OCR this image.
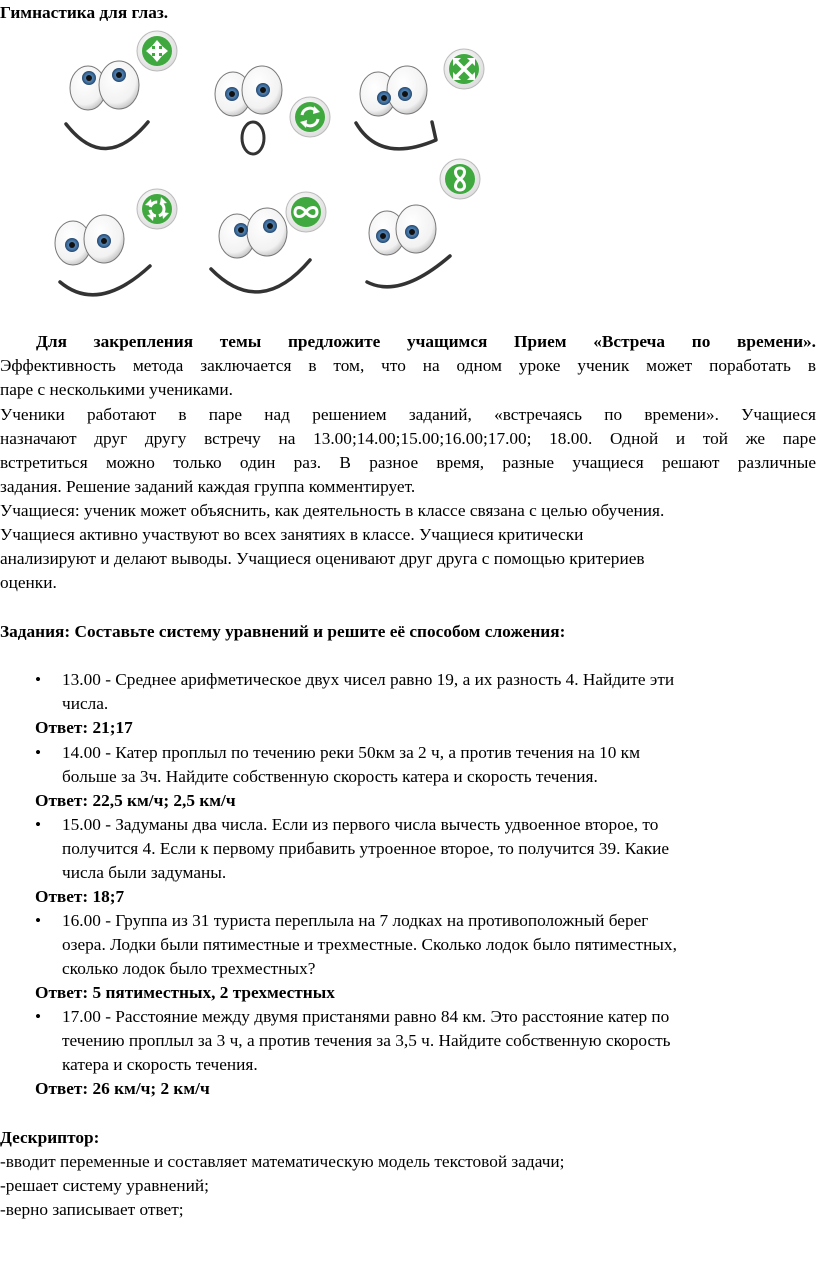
Гимнастика для глаз.
Для закрепления темы предложите учащимся Прием «Встреча по времени».
Эффективность метода заключается в том, что на одном уроке ученик может поработать в
паре с несколькими учениками.
Ученики работают в паре над решением заданий, «встречаясь по времени». Учащиеся
назначают друг другу встречу на 13.00;14.00;15.00;16.00;17.00; 18.00. Одной и той же паре
встретиться можно только один раз. В разное время, разные учащиеся решают различные
задания. Решение заданий каждая группа комментирует.
Учащиеся: ученик может объяснить, как деятельность в классе связана с целью обучения.
Учащиеся активно участвуют во всех занятиях в классе. Учащиеся критически
анализируют и делают выводы. Учащиеся оценивают друг друга с помощью критериев
оценки.
Задания: Составьте систему уравнений и решите её способом сложения:
• 13.00 - Среднее арифметическое двух чисел равно 19, а их разность 4. Найдите эти
числа.
Ответ: 21;17
• 14.00 - Катер проплыл по течению реки 50км за 2 ч, а против течения на 10 км
больше за 3ч. Найдите собственную скорость катера и скорость течения.
Ответ: 22,5 км/ч; 2,5 км/ч
• 15.00 - Задуманы два числа. Если из первого числа вычесть удвоенное второе, то
получится 4. Если к первому прибавить утроенное второе, то получится 39. Какие
числа были задуманы.
Ответ: 18;7
• 16.00 - Группа из 31 туриста переплыла на 7 лодках на противоположный берег
озера. Лодки были пятиместные и трехместные. Сколько лодок было пятиместных,
сколько лодок было трехместных?
Ответ: 5 пятиместных, 2 трехместных
• 17.00 - Расстояние между двумя пристанями равно 84 км. Это расстояние катер по
течению проплыл за 3 ч, а против течения за 3,5 ч. Найдите собственную скорость
катера и скорость течения.
Ответ: 26 км/ч; 2 км/ч
Дескриптор:
-вводит переменные и составляет математическую модель текстовой задачи;
-решает систему уравнений;
-верно записывает ответ;
